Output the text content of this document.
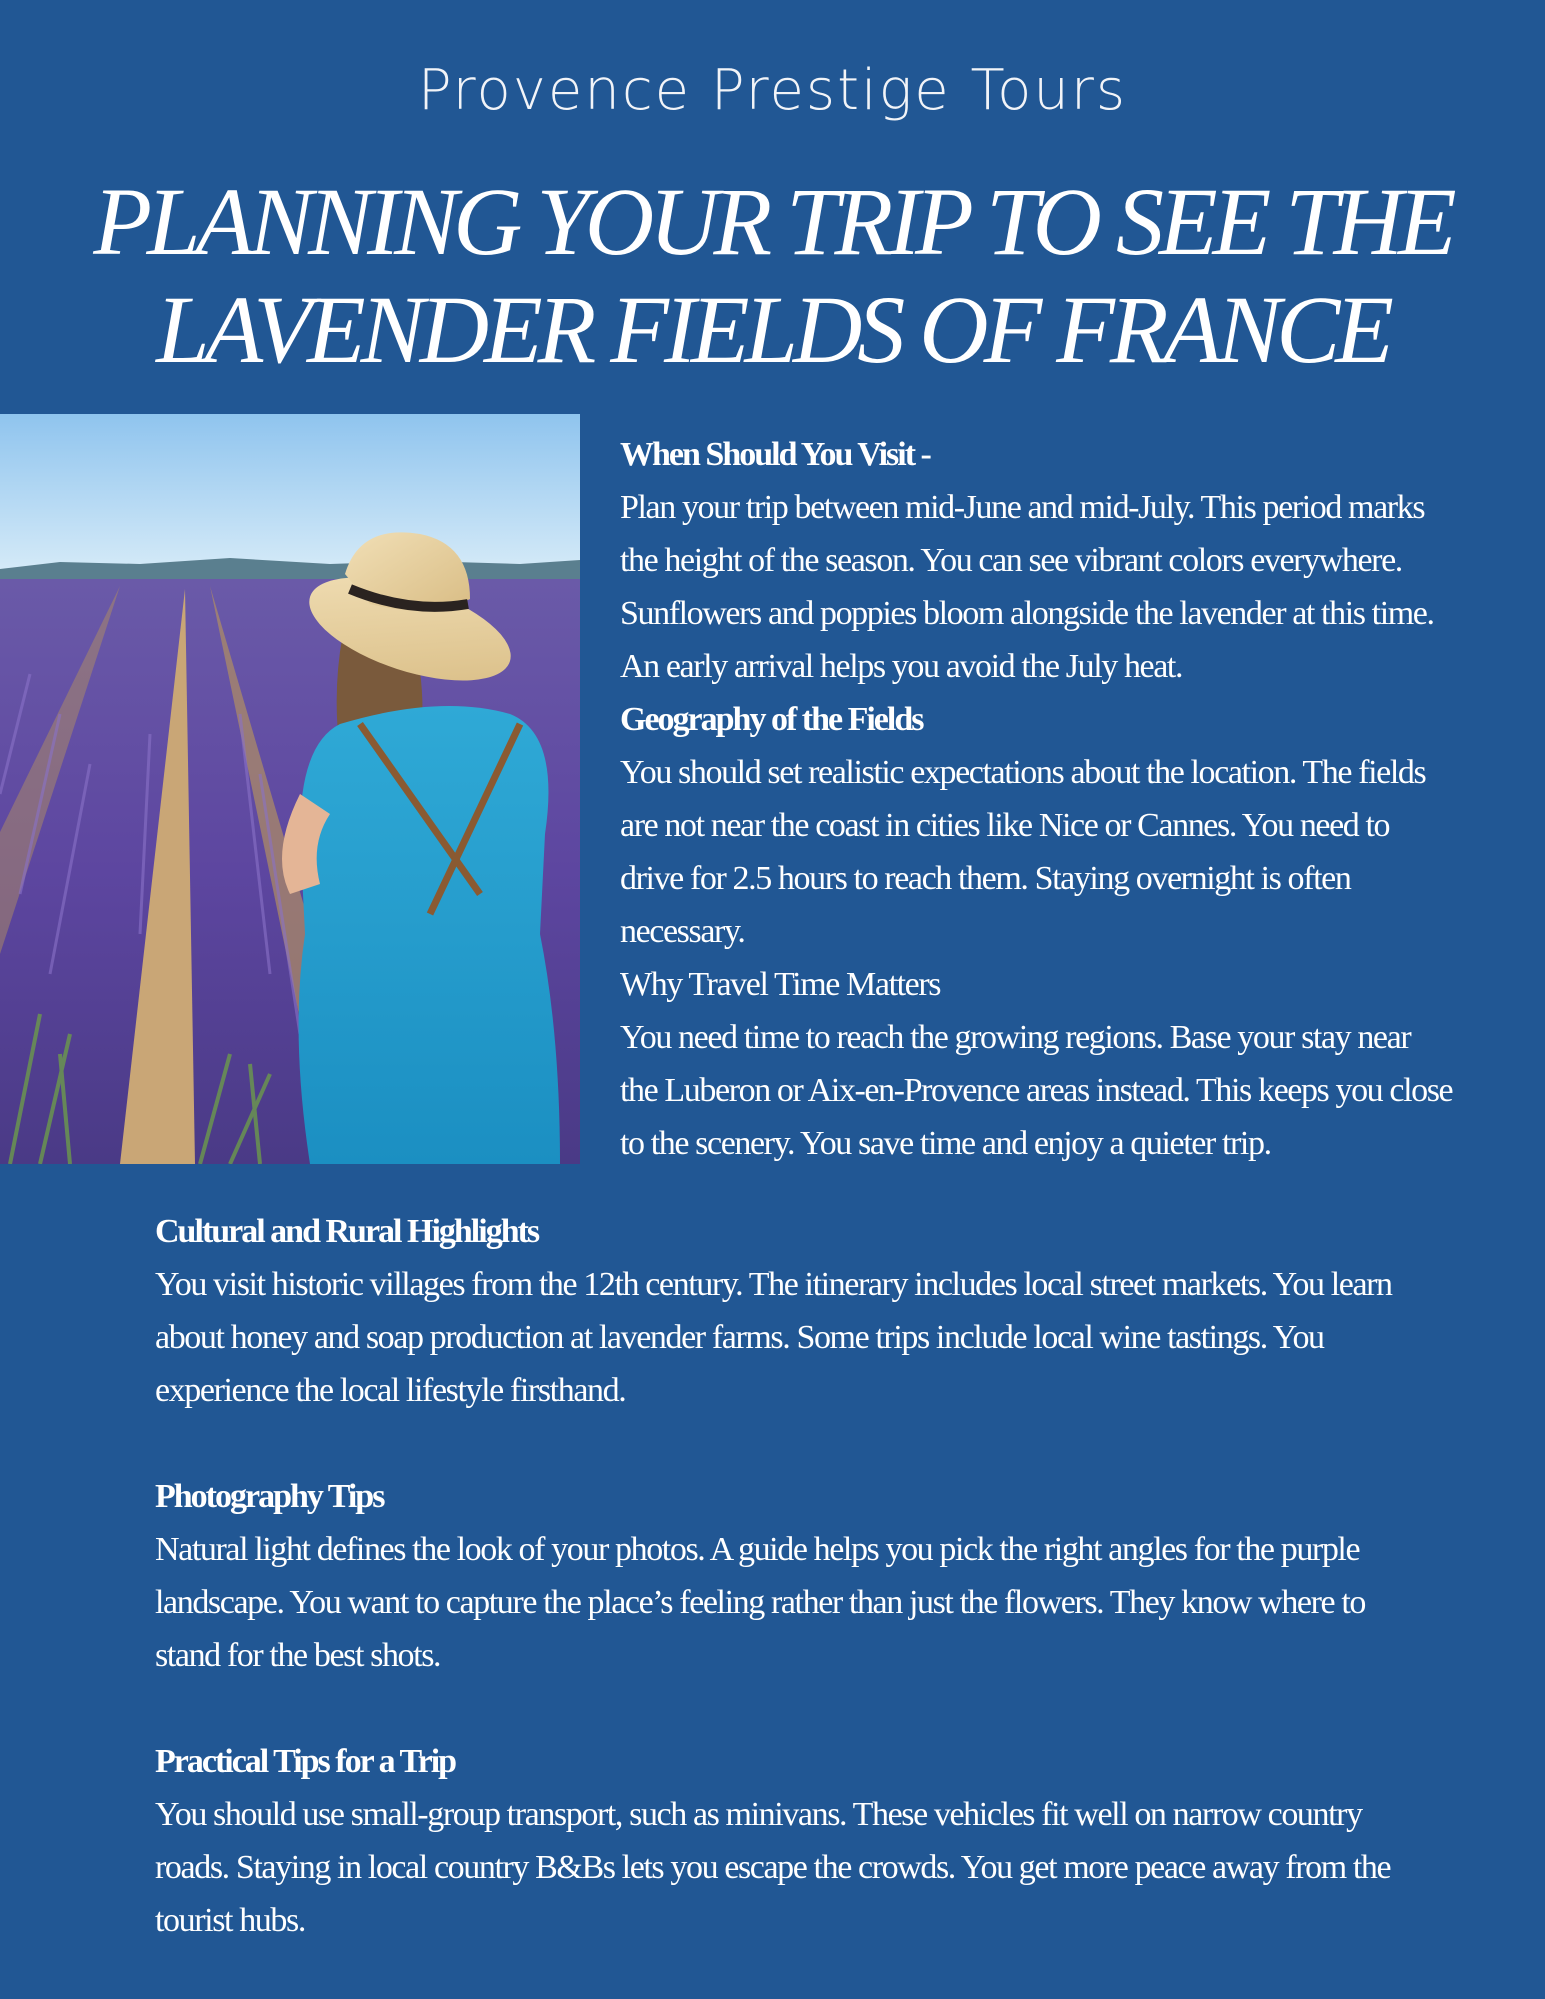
Provence Prestige Tours
PLANNING YOUR TRIP TO SEE THE
LAVENDER FIELDS OF FRANCE

When Should You Visit -

Plan your trip between mid-June and mid-July. This period marks

the height of the season. You can see vibrant colors everywhere.

Sunflowers and poppies bloom alongside the lavender at this time.

An early arrival helps you avoid the July heat.

Geography of the Fields

You should set realistic expectations about the location. The fields

are not near the coast in cities like Nice or Cannes. You need to

drive for 2.5 hours to reach them. Staying overnight is often

necessary.

Why Travel Time Matters

You need time to reach the growing regions. Base your stay near

the Luberon or Aix-en-Provence areas instead. This keeps you close

to the scenery. You save time and enjoy a quieter trip.

Cultural and Rural Highlights

You visit historic villages from the 12th century. The itinerary includes local street markets. You learn

about honey and soap production at lavender farms. Some trips include local wine tastings. You

experience the local lifestyle firsthand.

Photography Tips

Natural light defines the look of your photos. A guide helps you pick the right angles for the purple

landscape. You want to capture the place’s feeling rather than just the flowers. They know where to

stand for the best shots.

Practical Tips for a Trip

You should use small-group transport, such as minivans. These vehicles fit well on narrow country

roads. Staying in local country B&Bs lets you escape the crowds. You get more peace away from the

tourist hubs.
